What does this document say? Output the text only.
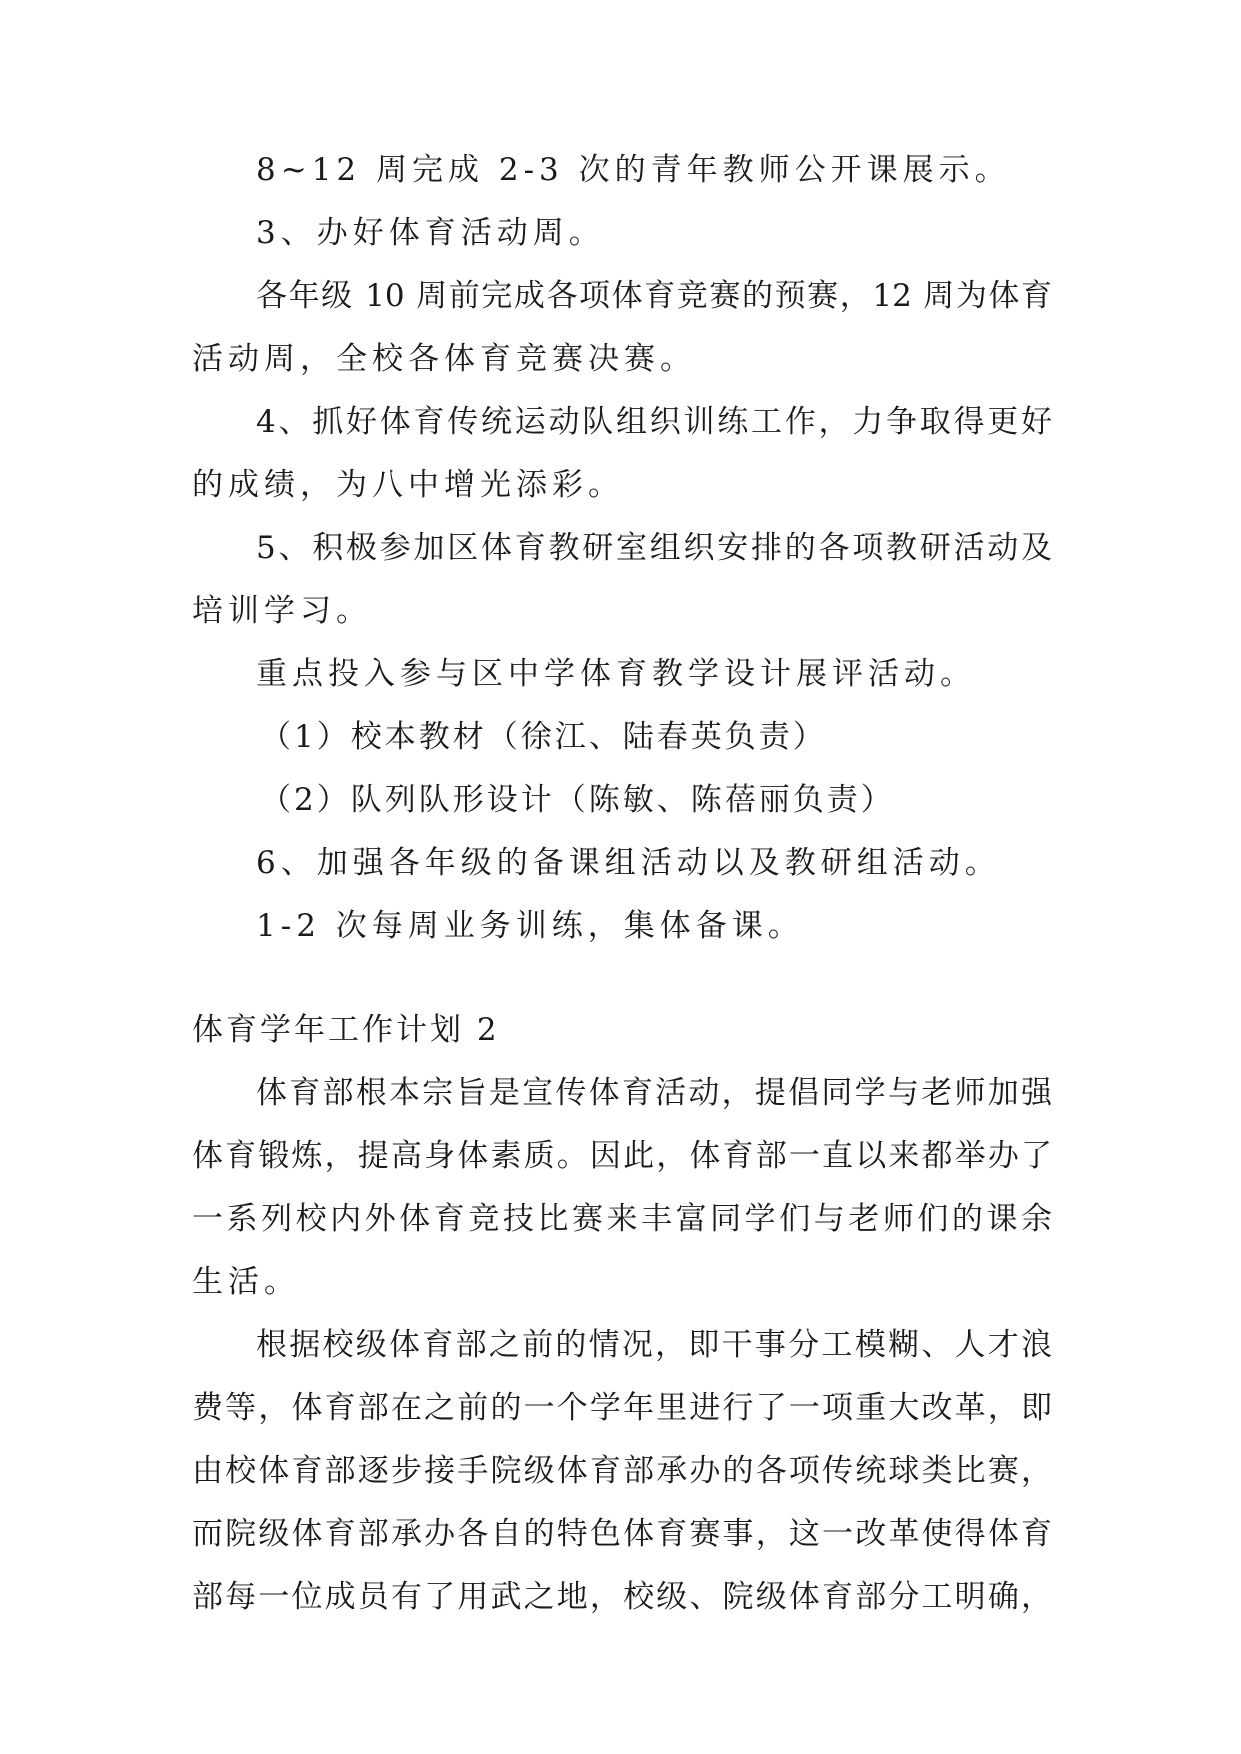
8~12 周完成 2-3 次的青年教师公开课展示。
3、办好体育活动周。
各年级 10 周前完成各项体育竞赛的预赛，12 周为体育
活动周，全校各体育竞赛决赛。
4、抓好体育传统运动队组织训练工作，力争取得更好
的成绩，为八中增光添彩。
5、积极参加区体育教研室组织安排的各项教研活动及
培训学习。
重点投入参与区中学体育教学设计展评活动。
（1）校本教材（徐江、陆春英负责）
（2）队列队形设计（陈敏、陈蓓丽负责）
6、加强各年级的备课组活动以及教研组活动。
1-2 次每周业务训练，集体备课。
体育学年工作计划 2
体育部根本宗旨是宣传体育活动，提倡同学与老师加强
体育锻炼，提高身体素质。因此，体育部一直以来都举办了
一系列校内外体育竞技比赛来丰富同学们与老师们的课余
生活。
根据校级体育部之前的情况，即干事分工模糊、人才浪
费等，体育部在之前的一个学年里进行了一项重大改革，即
由校体育部逐步接手院级体育部承办的各项传统球类比赛，
而院级体育部承办各自的特色体育赛事，这一改革使得体育
部每一位成员有了用武之地，校级、院级体育部分工明确，
